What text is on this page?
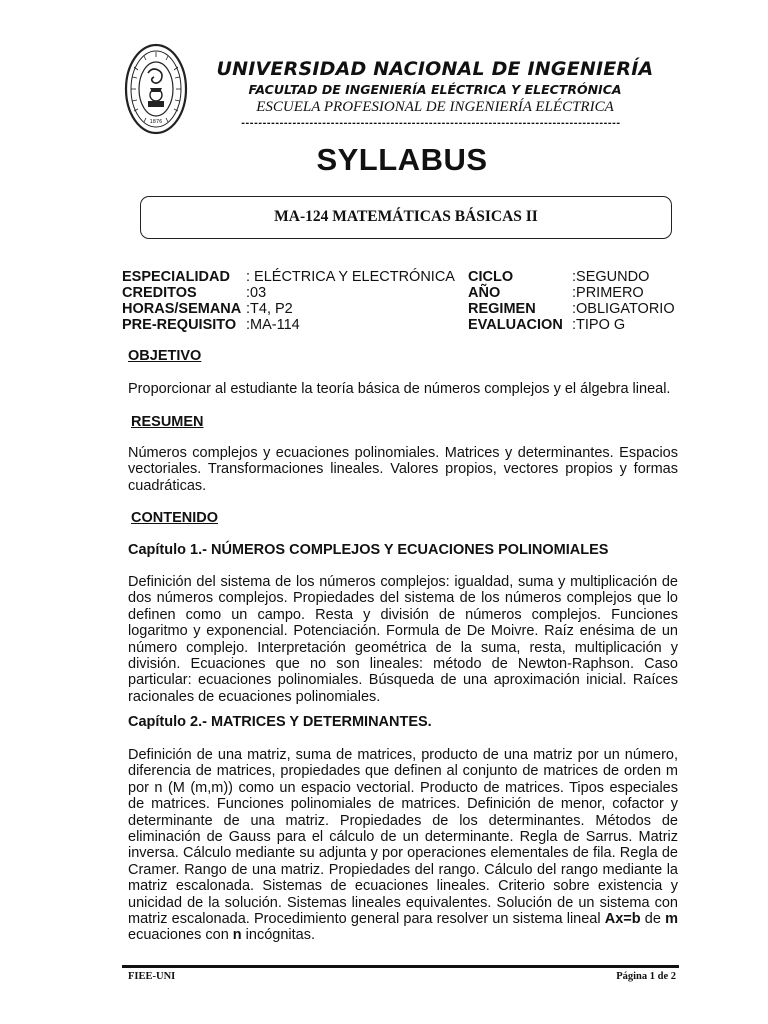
1876
UNIVERSIDAD NACIONAL DE INGENIERÍA
FACULTAD DE INGENIERÍA ELÉCTRICA Y ELECTRÓNICA
ESCUELA PROFESIONAL DE INGENIERÍA ELÉCTRICA
-----------------------------------------------------------------------------------------
SYLLABUS
MA-124 MATEMÁTICAS BÁSICAS II
ESPECIALIDAD : ELÉCTRICA Y ELECTRÓNICA CICLO	:SEGUNDO
CREDITOS	:03	AÑO	:PRIMERO
HORAS/SEMANA :T4, P2	REGIMEN	:OBLIGATORIO
PRE-REQUISITO :MA-114	EVALUACION :TIPO G
OBJETIVO
Proporcionar al estudiante la teoría básica de números complejos y el álgebra lineal.
RESUMEN
Números complejos y ecuaciones polinomiales. Matrices y determinantes. Espacios vectoriales. Transformaciones lineales. Valores propios, vectores propios y formas cuadráticas.
CONTENIDO
Capítulo 1.- NÚMEROS COMPLEJOS Y ECUACIONES POLINOMIALES
Definición del sistema de los números complejos: igualdad, suma y multiplicación de dos números complejos. Propiedades del sistema de los números complejos que lo definen como un campo. Resta y división de números complejos. Funciones logaritmo y exponencial. Potenciación. Formula de De Moivre. Raíz enésima de un número complejo. Interpretación geométrica de la suma, resta, multiplicación y división. Ecuaciones que no son lineales: método de Newton-Raphson. Caso particular: ecuaciones polinomiales. Búsqueda de una aproximación inicial. Raíces racionales de ecuaciones polinomiales.
Capítulo 2.- MATRICES Y DETERMINANTES.
Definición de una matriz, suma de matrices, producto de una matriz por un número, diferencia de matrices, propiedades que definen al conjunto de matrices de orden m por n (M (m,m)) como un espacio vectorial. Producto de matrices. Tipos especiales de matrices. Funciones polinomiales de matrices. Definición de menor, cofactor y determinante de una matriz. Propiedades de los determinantes. Métodos de eliminación de Gauss para el cálculo de un determinante. Regla de Sarrus. Matriz inversa. Cálculo mediante su adjunta y por operaciones elementales de fila. Regla de Cramer. Rango de una matriz. Propiedades del rango. Cálculo del rango mediante la matriz escalonada. Sistemas de ecuaciones lineales. Criterio sobre existencia y unicidad de la solución. Sistemas lineales equivalentes. Solución de un sistema con matriz escalonada. Procedimiento general para resolver un sistema lineal Ax=b de m ecuaciones con n incógnitas.
FIEE-UNI	Página 1 de 2
